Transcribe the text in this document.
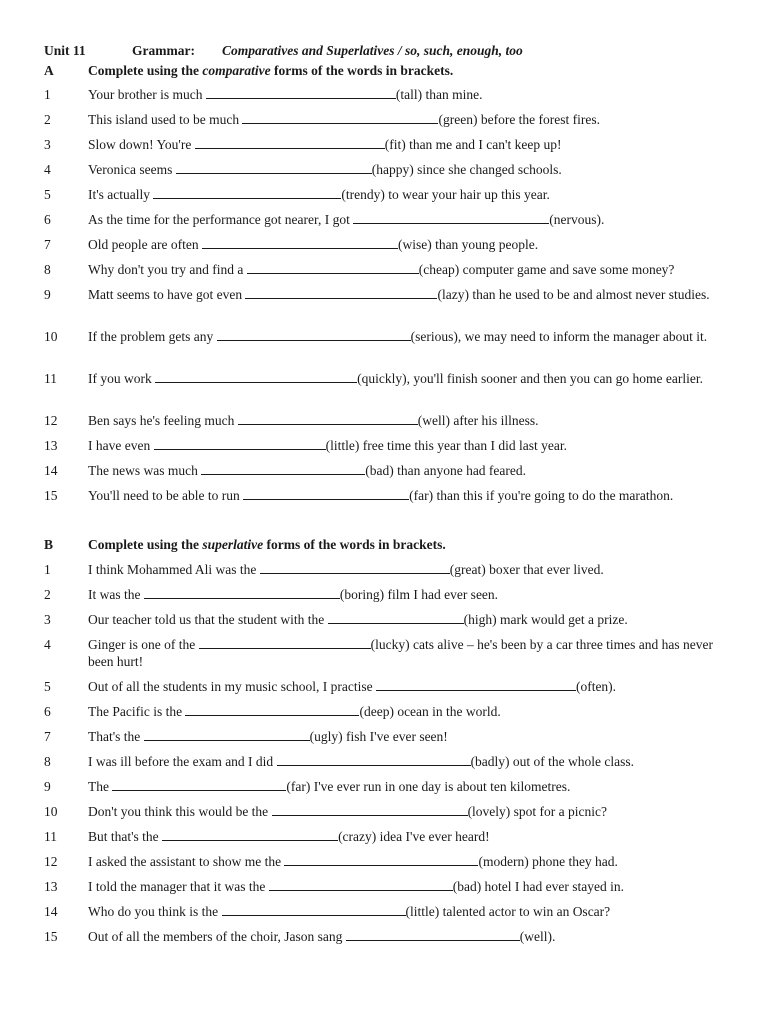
Unit 11	Grammar: Comparatives and Superlatives / so, such, enough, too
A	Complete using the comparative forms of the words in brackets.
1	Your brother is much	(tall) than mine.
2	This island used to be much	(green) before the forest fires.
3	Slow down! You're	(fit) than me and I can't keep up!
4	Veronica seems	(happy) since she changed schools.
5	It's actually	(trendy) to wear your hair up this year.
6	As the time for the performance got nearer, I got	(nervous).
7	Old people are often	(wise) than young people.
8	Why don't you try and find a	(cheap) computer game and save some money?
9	Matt seems to have got even	(lazy) than he used to be and almost never studies.
10	If the problem gets any	(serious), we may need to inform the manager about it.
11	If you work	(quickly), you'll finish sooner and then you can go home earlier.
12	Ben says he's feeling much	(well) after his illness.
13	I have even	(little) free time this year than I did last year.
14	The news was much	(bad) than anyone had feared.
15	You'll need to be able to run	(far) than this if you're going to do the marathon.
B	Complete using the superlative forms of the words in brackets.
1	I think Mohammed Ali was the	(great) boxer that ever lived.
2	It was the	(boring) film I had ever seen.
3	Our teacher told us that the student with the	(high) mark would get a prize.
4	Ginger is one of the	(lucky) cats alive – he's been by a car three times and has never been hurt!
5	Out of all the students in my music school, I practise	(often).
6	The Pacific is the	(deep) ocean in the world.
7	That's the	(ugly) fish I've ever seen!
8	I was ill before the exam and I did	(badly) out of the whole class.
9	The	(far) I've ever run in one day is about ten kilometres.
10	Don't you think this would be the	(lovely) spot for a picnic?
11	But that's the	(crazy) idea I've ever heard!
12	I asked the assistant to show me the	(modern) phone they had.
13	I told the manager that it was the	(bad) hotel I had ever stayed in.
14	Who do you think is the	(little) talented actor to win an Oscar?
15	Out of all the members of the choir, Jason sang	(well).
